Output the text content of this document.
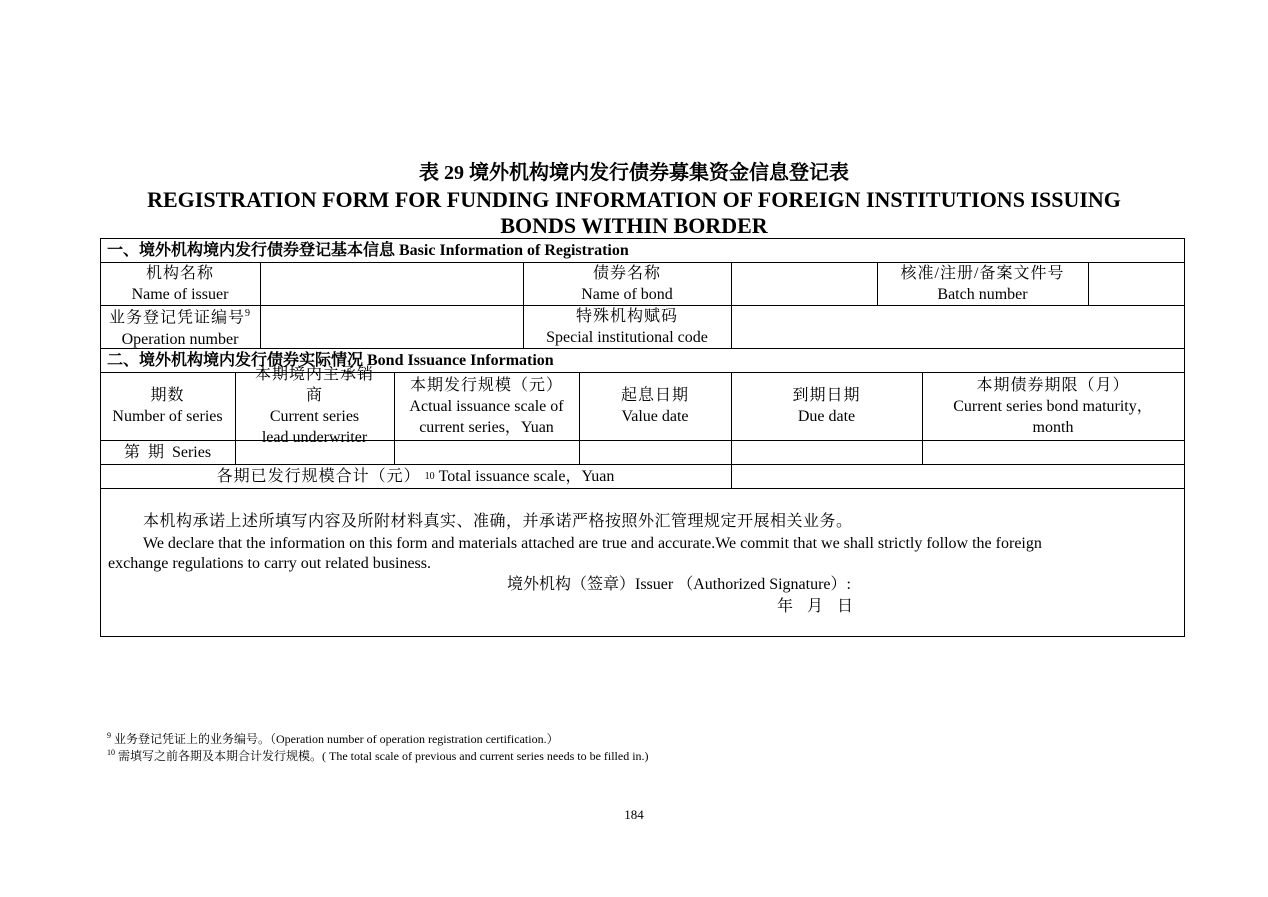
表 29 境外机构境内发行债券募集资金信息登记表
REGISTRATION FORM FOR FUNDING INFORMATION OF FOREIGN INSTITUTIONS ISSUING BONDS WITHIN BORDER
一、境外机构境内发行债券登记基本信息 Basic Information of Registration
机构名称
Name of issuer
债券名称
Name of bond
核准/注册/备案文件号
Batch number
业务登记凭证编号$^9$
Operation number
特殊机构赋码
Special institutional code
二、境外机构境内发行债券实际情况 Bond Issuance Information
期数
Number of series
本期境内主承销商
Current series lead underwriter
本期发行规模（元）
Actual issuance scale of current series，Yuan
起息日期
Value date
到期日期
Due date
本期债券期限（月）
Current series bond maturity，month
第  期  Series
各期已发行规模合计（元） 10 Total issuance scale，Yuan
本机构承诺上述所填写内容及所附材料真实、准确，并承诺严格按照外汇管理规定开展相关业务。
We declare that the information on this form and materials attached are true and accurate.We commit that we shall strictly follow the foreign
exchange regulations to carry out related business.
境外机构（签章）Issuer （Authorized Signature）:
年  月  日
$^9$ 业务登记凭证上的业务编号。（Operation number of operation registration certification.）
$^{10}$ 需填写之前各期及本期合计发行规模。( The total scale of previous and current series needs to be filled in.)
184
